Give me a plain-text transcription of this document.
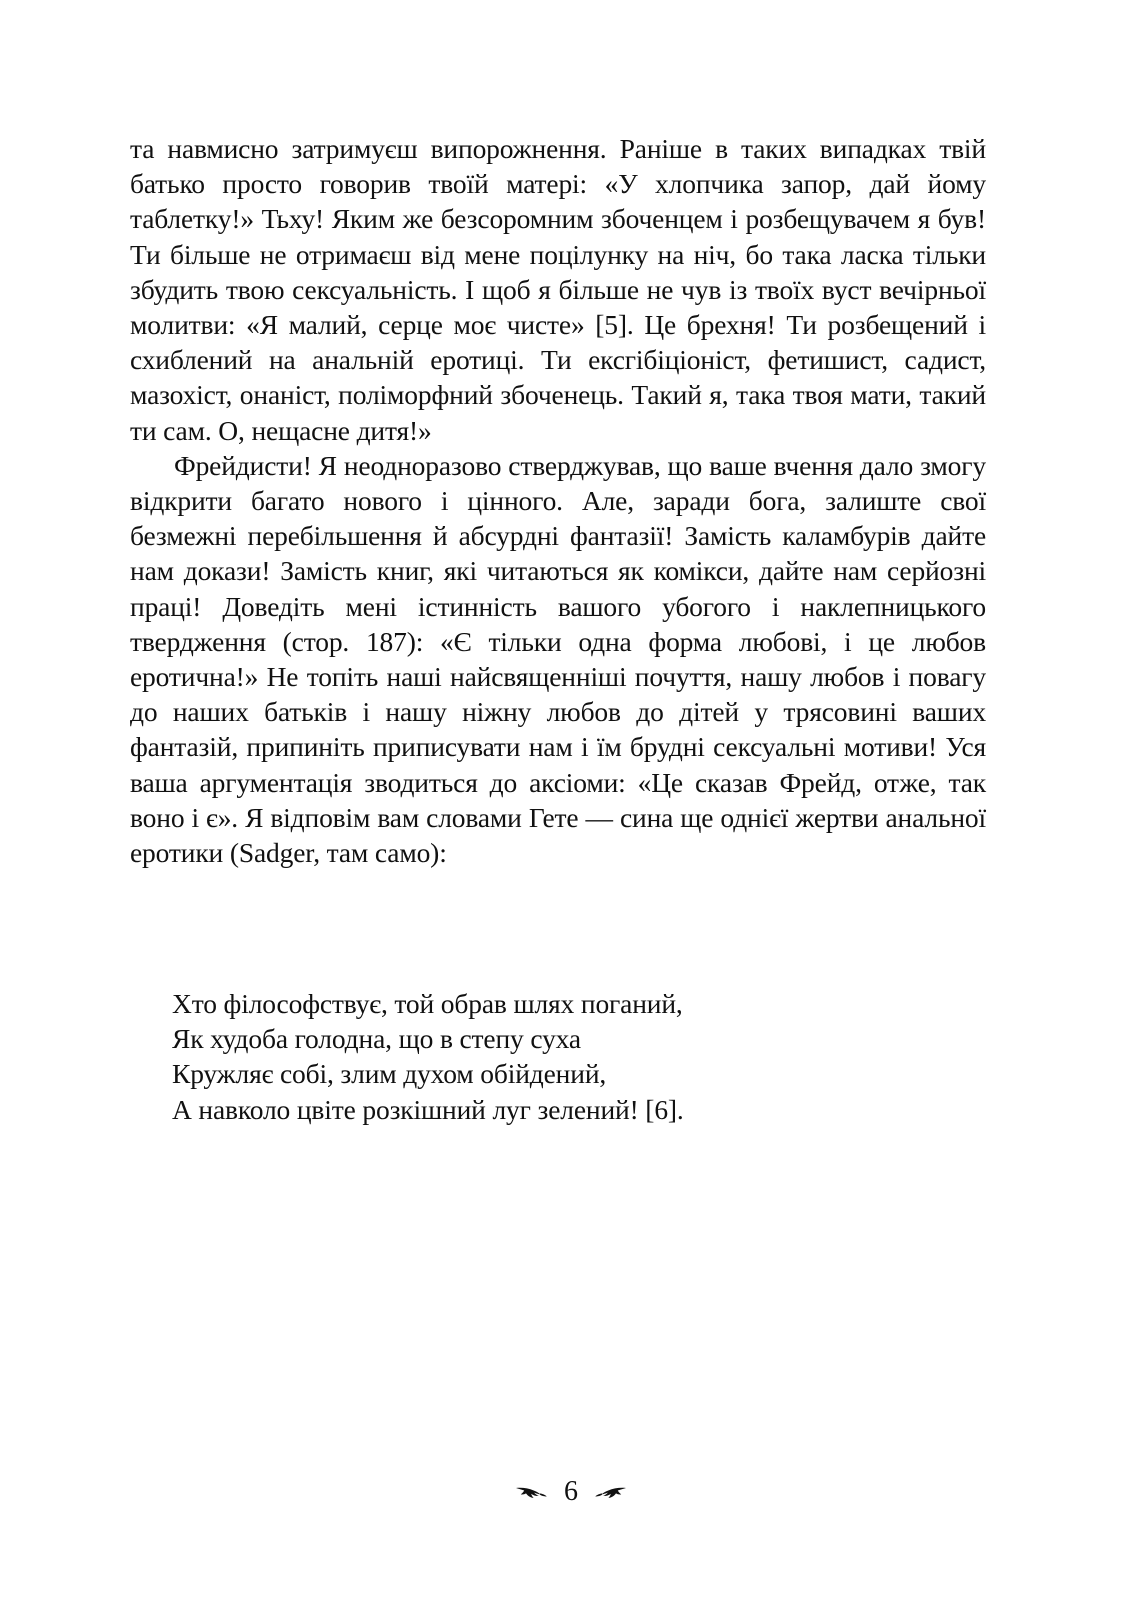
та навмисно затримуєш випорожнення. Раніше в таких випадках твій батько просто говорив твоїй матері: «У хлопчика запор, дай йому таблетку!» Тьху! Яким же безсоромним збоченцем і розбещувачем я був! Ти більше не отримаєш від мене поцілунку на ніч, бо така ласка тільки збудить твою сексуальність. І щоб я більше не чув із твоїх вуст вечірньої молитви: «Я малий, серце моє чисте» [5]. Це брехня! Ти розбещений і схиблений на анальній еротиці. Ти ексгібіціоніст, фетишист, садист, мазохіст, онаніст, поліморфний збоченець. Такий я, така твоя мати, такий ти сам. О, нещасне дитя!»

Фрейдисти! Я неодноразово стверджував, що ваше вчення дало змогу відкрити багато нового і цінного. Але, заради бога, залиште свої безмежні перебільшення й абсурдні фантазії! Замість каламбурів дайте нам докази! Замість книг, які читаються як комікси, дайте нам серйозні праці! Доведіть мені істинність вашого убогого і наклепницького твердження (стор. 187): «Є тільки одна форма любові, і це любов еротична!» Не топіть наші найсвященніші почуття, нашу любов і повагу до наших батьків і нашу ніжну любов до дітей у трясовині ваших фантазій, припиніть приписувати нам і їм брудні сексуальні мотиви! Уся ваша аргументація зводиться до аксіоми: «Це сказав Фрейд, отже, так воно і є». Я відповім вам словами Гете — сина ще однієї жертви анальної еротики (Sadger, там само):

Хто філософствує, той обрав шлях поганий,

Як худоба голодна, що в степу суха

Кружляє собі, злим духом обійдений,

А навколо цвіте розкішний луг зелений! [6].

6
